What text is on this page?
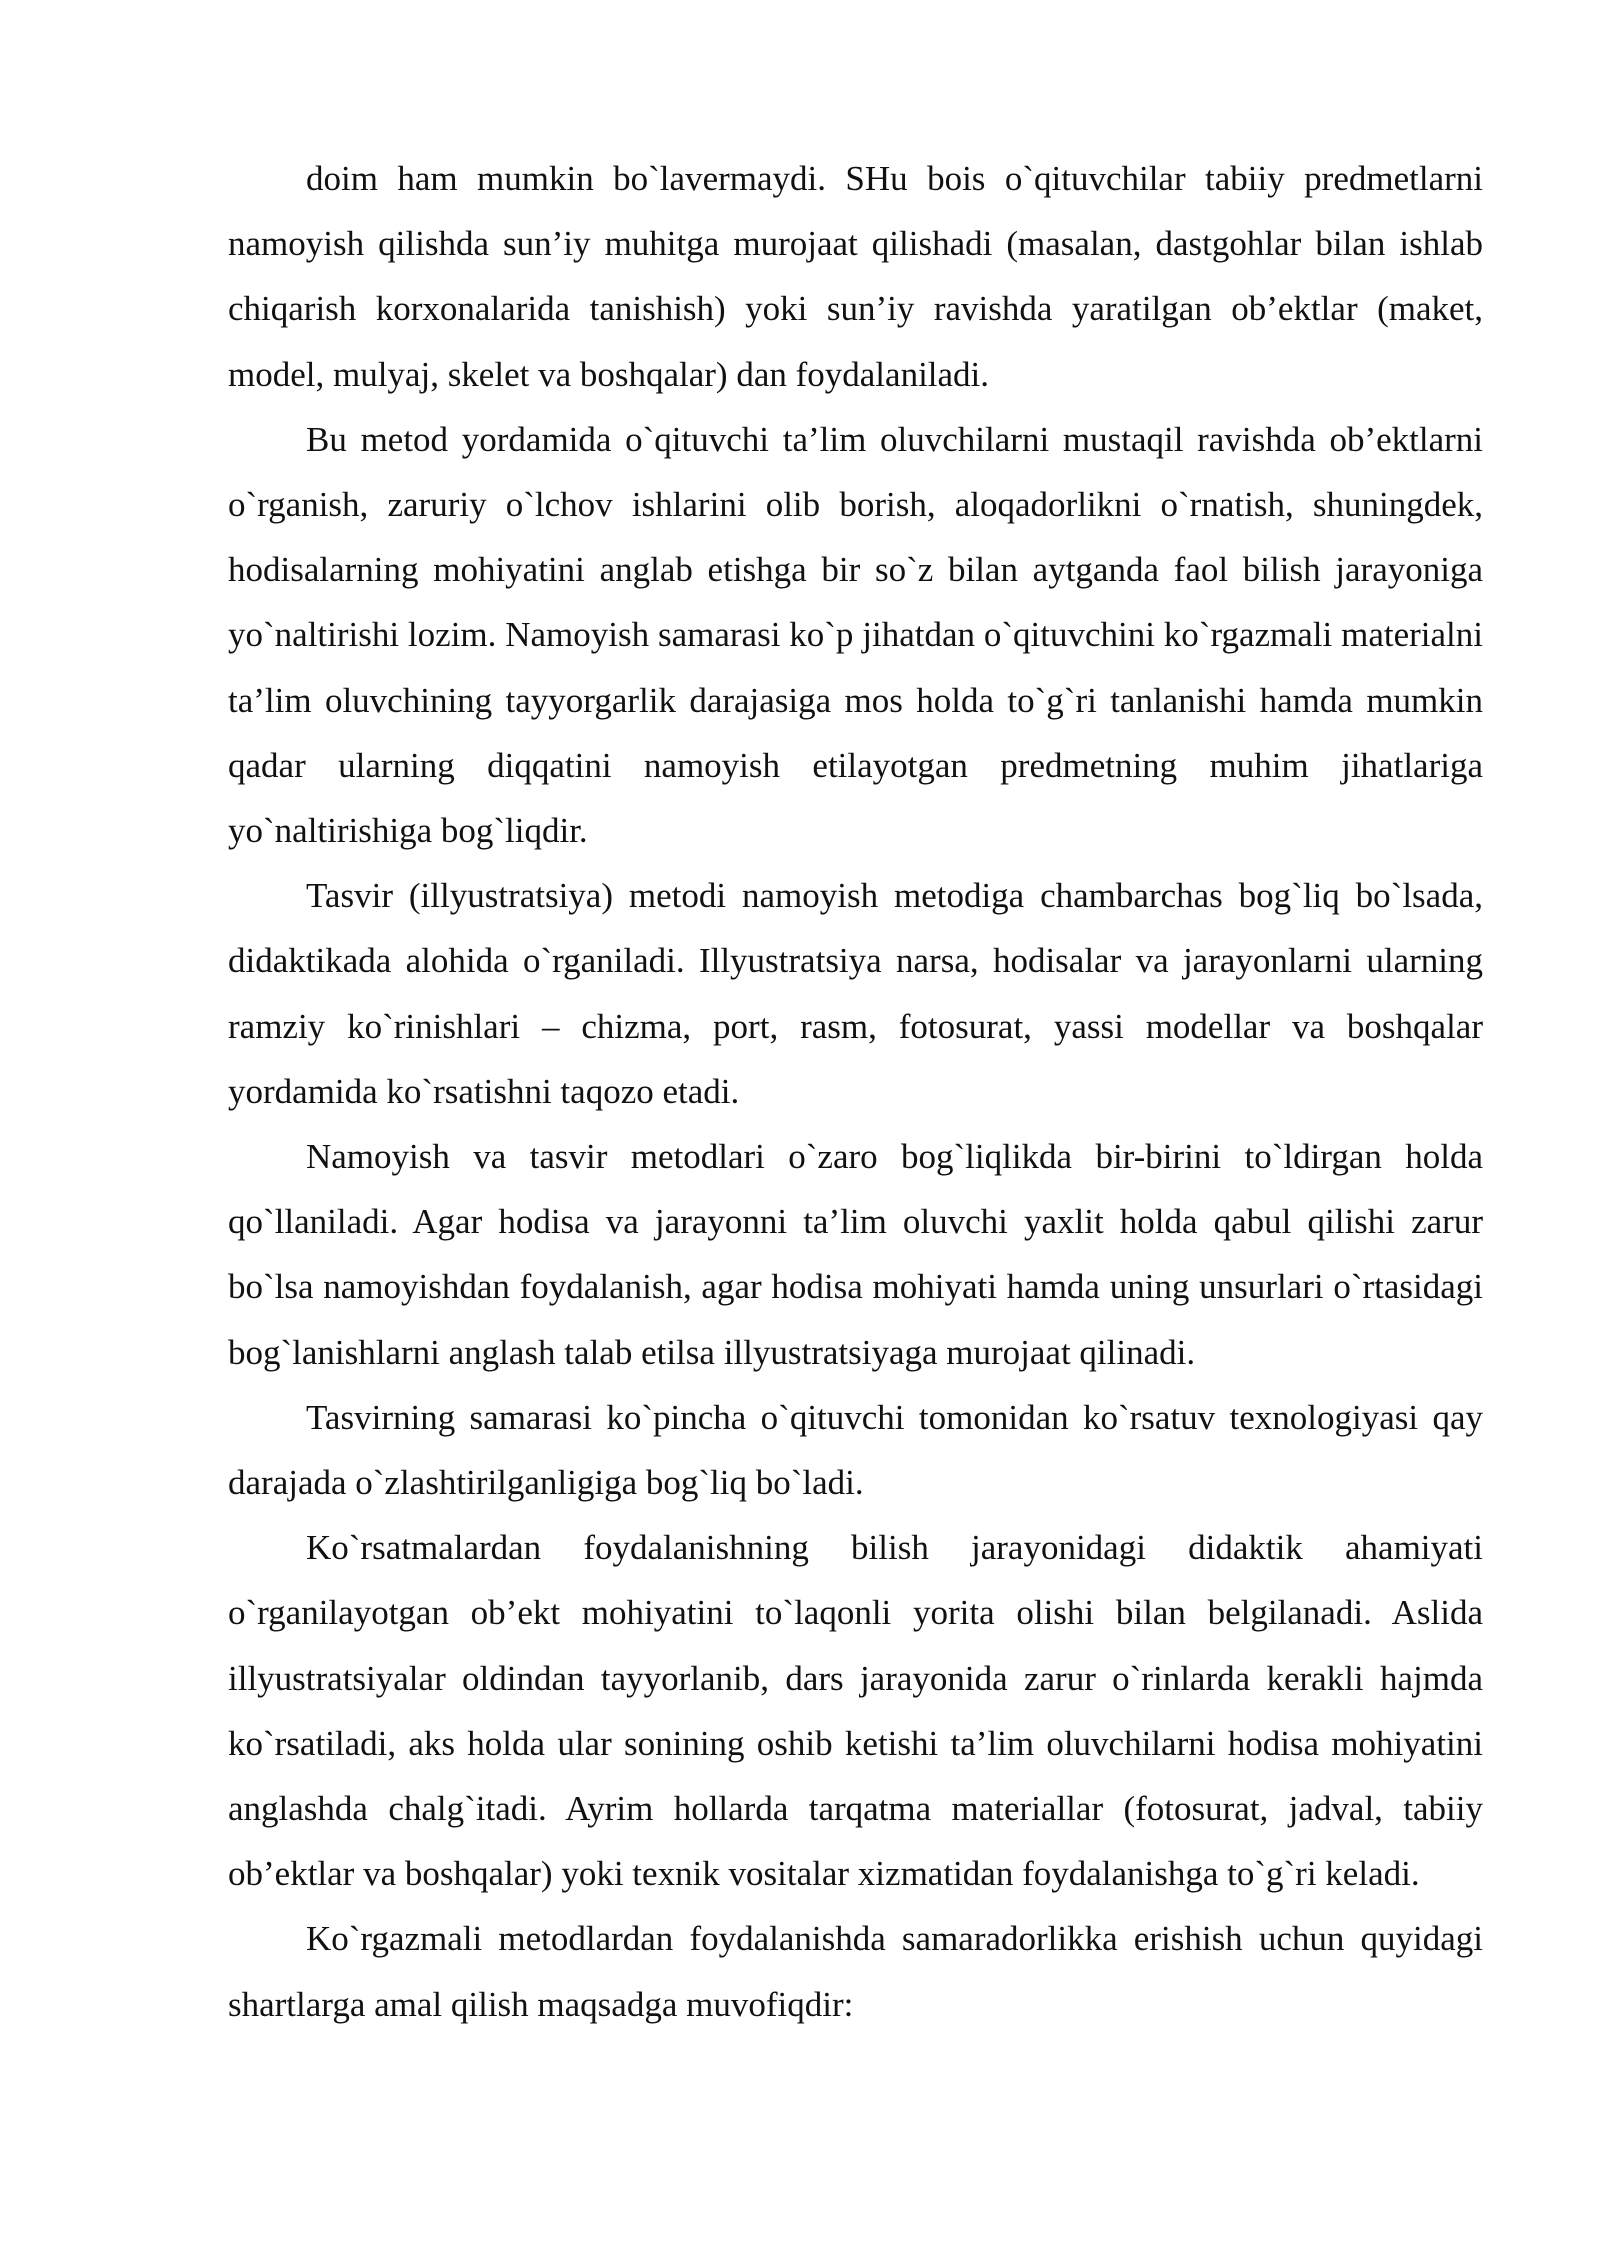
doim ham mumkin bo`lavermaydi. SHu bois o`qituvchilar tabiiy predmetlarni namoyish qilishda sun’iy muhitga murojaat qilishadi (masalan, dastgohlar bilan ishlab chiqarish korxonalarida tanishish) yoki sun’iy ravishda yaratilgan ob’ektlar (maket, model, mulyaj, skelet va boshqalar) dan foydalaniladi.

Bu metod yordamida o`qituvchi ta’lim oluvchilarni mustaqil ravishda ob’ektlarni o`rganish, zaruriy o`lchov ishlarini olib borish, aloqadorlikni o`rnatish, shuningdek, hodisalarning mohiyatini anglab etishga bir so`z bilan aytganda faol bilish jarayoniga yo`naltirishi lozim. Namoyish samarasi ko`p jihatdan o`qituvchini ko`rgazmali materialni ta’lim oluvchining tayyorgarlik darajasiga mos holda to`g`ri tanlanishi hamda mumkin qadar ularning diqqatini namoyish etilayotgan predmetning muhim jihatlariga yo`naltirishiga bog`liqdir.

Tasvir (illyustratsiya) metodi namoyish metodiga chambarchas bog`liq bo`lsada, didaktikada alohida o`rganiladi. Illyustratsiya narsa, hodisalar va jarayonlarni ularning ramziy ko`rinishlari – chizma, port, rasm, fotosurat, yassi modellar va boshqalar yordamida ko`rsatishni taqozo etadi.

Namoyish va tasvir metodlari o`zaro bog`liqlikda bir-birini to`ldirgan holda qo`llaniladi. Agar hodisa va jarayonni ta’lim oluvchi yaxlit holda qabul qilishi zarur bo`lsa namoyishdan foydalanish, agar hodisa mohiyati hamda uning unsurlari o`rtasidagi bog`lanishlarni anglash talab etilsa illyustratsiyaga murojaat qilinadi.

Tasvirning samarasi ko`pincha o`qituvchi tomonidan ko`rsatuv texnologiyasi qay darajada o`zlashtirilganligiga bog`liq bo`ladi.

Ko`rsatmalardan foydalanishning bilish jarayonidagi didaktik ahamiyati o`rganilayotgan ob’ekt mohiyatini to`laqonli yorita olishi bilan belgilanadi. Aslida illyustratsiyalar oldindan tayyorlanib, dars jarayonida zarur o`rinlarda kerakli hajmda ko`rsatiladi, aks holda ular sonining oshib ketishi ta’lim oluvchilarni hodisa mohiyatini anglashda chalg`itadi. Ayrim hollarda tarqatma materiallar (fotosurat, jadval, tabiiy ob’ektlar va boshqalar) yoki texnik vositalar xizmatidan foydalanishga to`g`ri keladi.

Ko`rgazmali metodlardan foydalanishda samaradorlikka erishish uchun quyidagi shartlarga amal qilish maqsadga muvofiqdir:
